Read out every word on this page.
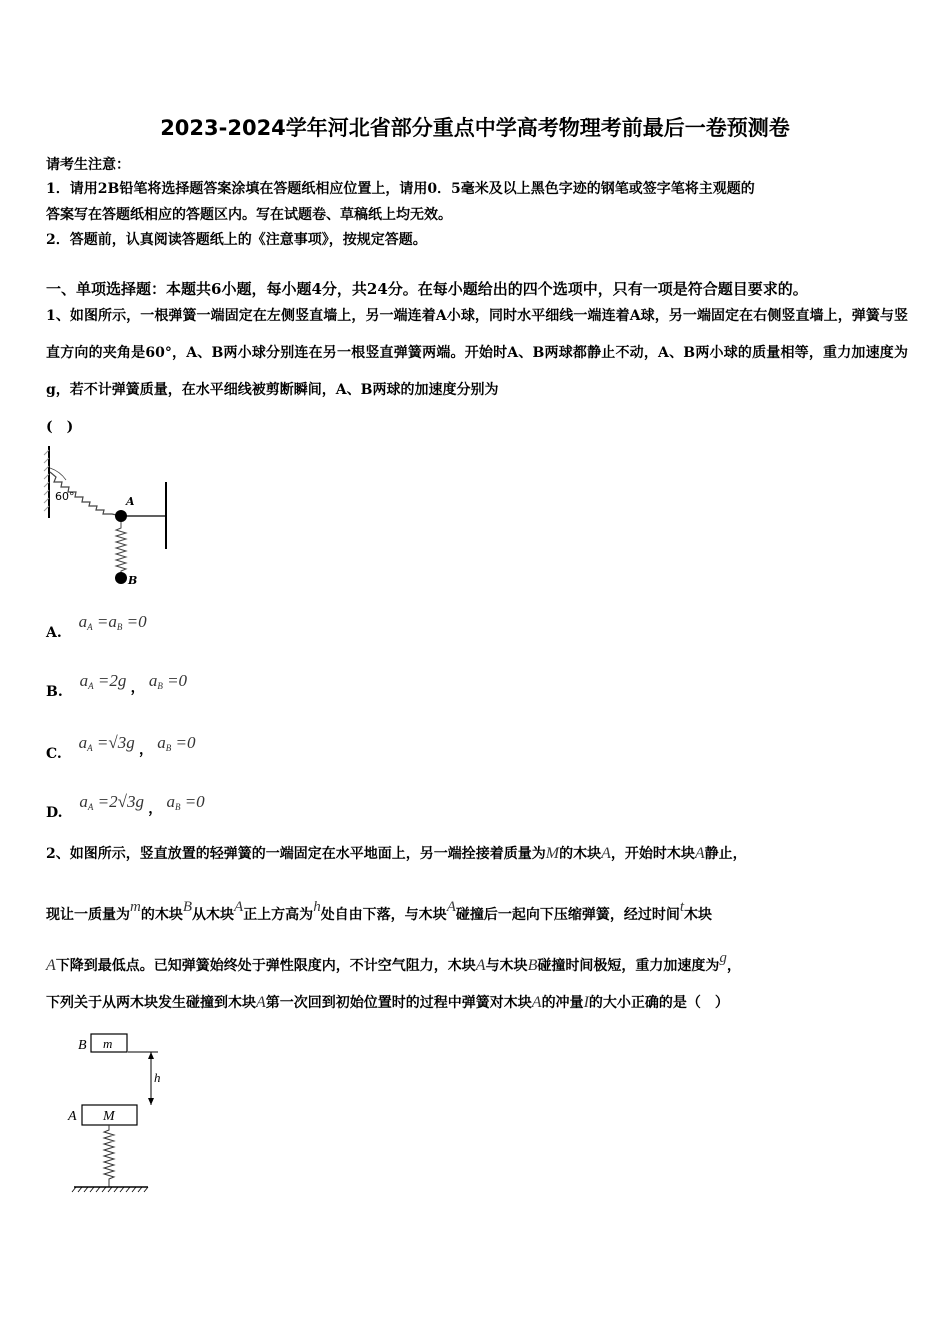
2023-2024学年河北省部分重点中学高考物理考前最后一卷预测卷
请考生注意：
1．请用2B铅笔将选择题答案涂填在答题纸相应位置上，请用0．5毫米及以上黑色字迹的钢笔或签字笔将主观题的
答案写在答题纸相应的答题区内。写在试题卷、草稿纸上均无效。
2．答题前，认真阅读答题纸上的《注意事项》，按规定答题。
一、单项选择题：本题共6小题，每小题4分，共24分。在每小题给出的四个选项中，只有一项是符合题目要求的。
1、如图所示，一根弹簧一端固定在左侧竖直墙上，另一端连着A小球，同时水平细线一端连着A球，另一端固定在右侧竖直墙上，弹簧与竖直方向的夹角是60°，A、B两小球分别连在另一根竖直弹簧两端。开始时A、B两球都静止不动，A、B两小球的质量相等，重力加速度为g，若不计弹簧质量，在水平细线被剪断瞬间，A、B两球的加速度分别为
(　)
60°	A
B
A. $a_A =a_B =0$
B. $a_A =2g$ ， $a_B =0$
C. $a_A =√3g$ ， $a_B =0$
D. $a_A =2√3g$ ， $a_B =0$
2、如图所示，竖直放置的轻弹簧的一端固定在水平地面上，另一端拴接着质量为M的木块A，开始时木块A静止，
现让一质量为m的木块B从木块A正上方高为h处自由下落，与木块A碰撞后一起向下压缩弹簧，经过时间t木块
A下降到最低点。已知弹簧始终处于弹性限度内，不计空气阻力，木块A与木块B碰撞时间极短，重力加速度为g，
下列关于从两木块发生碰撞到木块A第一次回到初始位置时的过程中弹簧对木块A的冲量I的大小正确的是（　）
B m
h
A M
